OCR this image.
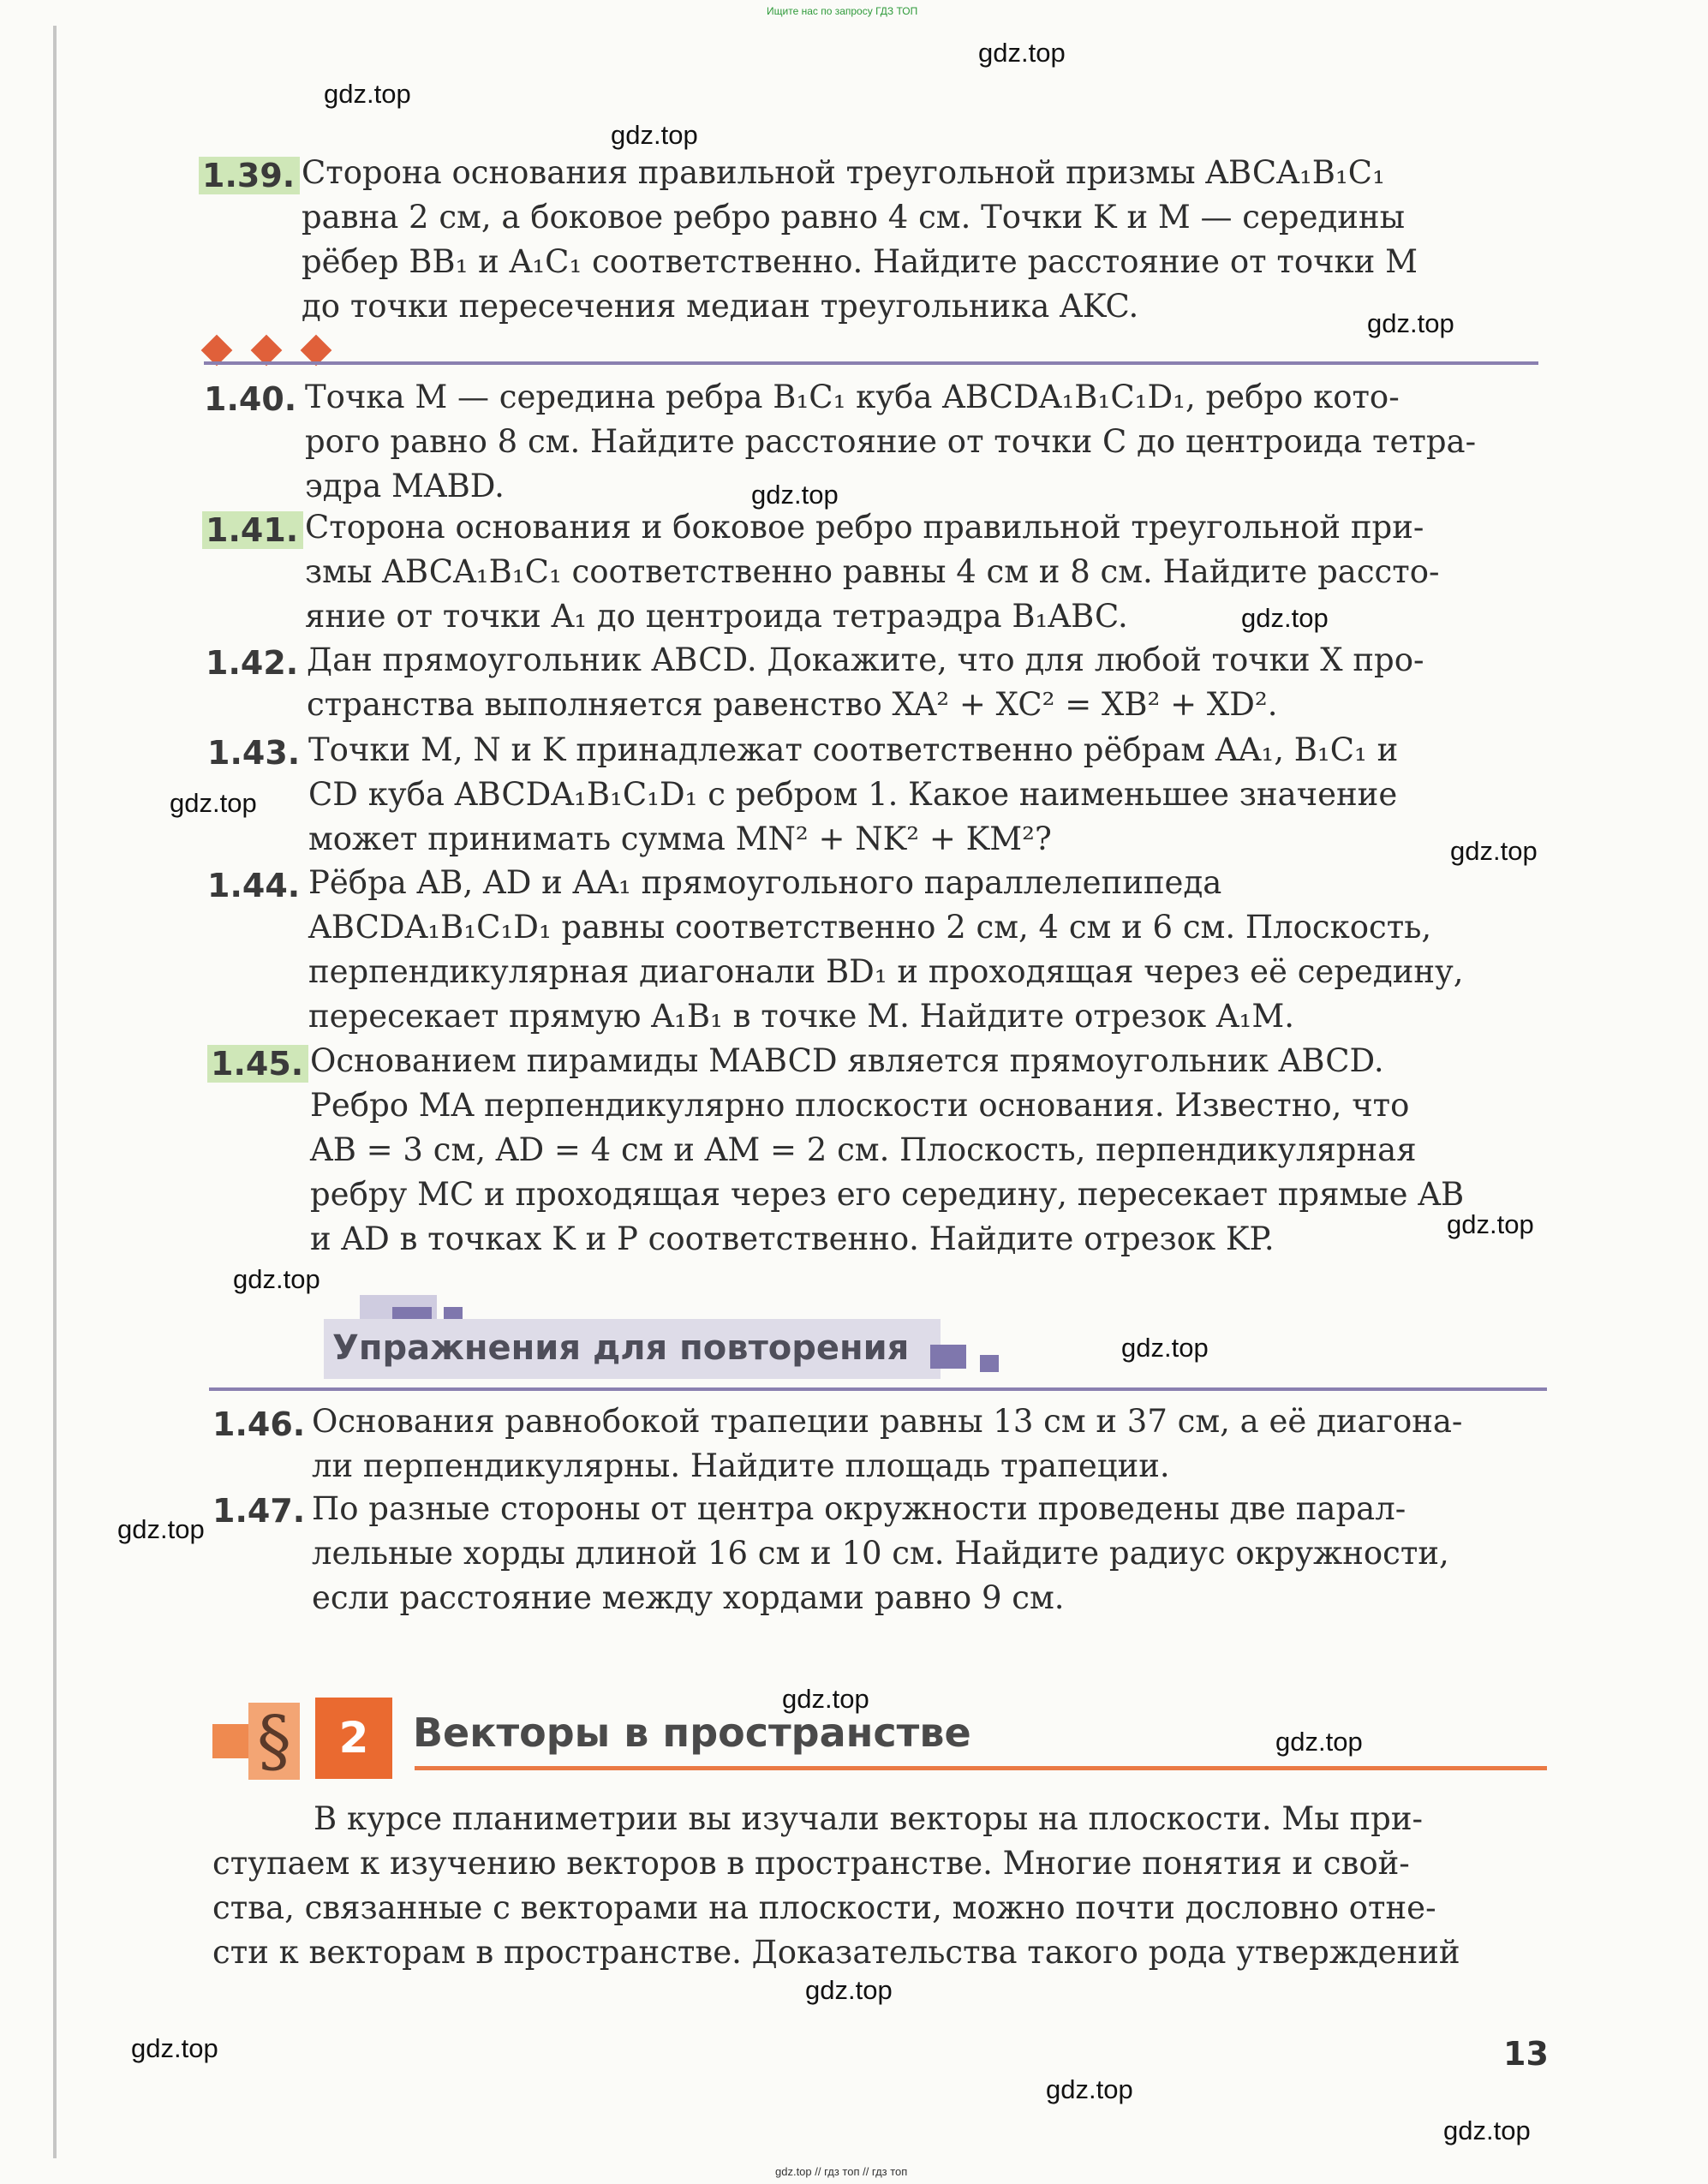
Ищите нас по запросу ГДЗ ТОП
1.39. Сторона основания правильной треугольной призмы ABCA₁B₁C₁

равна 2 см, а боковое ребро равно 4 см. Точки K и M — середины

рёбер BB₁ и A₁C₁ соответственно. Найдите расстояние от точки M

до точки пересечения медиан треугольника AKC.

1.40. Точка M — середина ребра B₁C₁ куба ABCDA₁B₁C₁D₁, ребро кото-

рого равно 8 см. Найдите расстояние от точки C до центроида тетра-

эдра MABD.

1.41. Сторона основания и боковое ребро правильной треугольной при-

змы ABCA₁B₁C₁ соответственно равны 4 см и 8 см. Найдите рассто-

яние от точки A₁ до центроида тетраэдра B₁ABC.

1.42. Дан прямоугольник ABCD. Докажите, что для любой точки X про-

странства выполняется равенство XA² + XC² = XB² + XD².

1.43. Точки M, N и K принадлежат соответственно рёбрам AA₁, B₁C₁ и

CD куба ABCDA₁B₁C₁D₁ с ребром 1. Какое наименьшее значение

может принимать сумма MN² + NK² + KM²?

1.44. Рёбра AB, AD и AA₁ прямоугольного параллелепипеда

ABCDA₁B₁C₁D₁ равны соответственно 2 см, 4 см и 6 см. Плоскость,

перпендикулярная диагонали BD₁ и проходящая через её середину,

пересекает прямую A₁B₁ в точке M. Найдите отрезок A₁M.

1.45. Основанием пирамиды MABCD является прямоугольник ABCD.

Ребро MA перпендикулярно плоскости основания. Известно, что

AB = 3 см, AD = 4 см и AM = 2 см. Плоскость, перпендикулярная

ребру MC и проходящая через его середину, пересекает прямые AB

и AD в точках K и P соответственно. Найдите отрезок KP.

Упражнения для повторения
1.46. Основания равнобокой трапеции равны 13 см и 37 см, а её диагона-

ли перпендикулярны. Найдите площадь трапеции.

1.47. По разные стороны от центра окружности проведены две парал-

лельные хорды длиной 16 см и 10 см. Найдите радиус окружности,

если расстояние между хордами равно 9 см.

§	2	Векторы в пространстве

В курсе планиметрии вы изучали векторы на плоскости. Мы при-

ступаем к изучению векторов в пространстве. Многие понятия и свой-

ства, связанные с векторами на плоскости, можно почти дословно отне-

сти к векторам в пространстве. Доказательства такого рода утверждений

13
gdz.top
gdz.top
gdz.top
gdz.top
gdz.top
gdz.top
gdz.top
gdz.top
gdz.top
gdz.top
gdz.top
gdz.top
gdz.top
gdz.top
gdz.top
gdz.top
gdz.top
gdz.top
gdz.top // гдз топ // гдз топ
